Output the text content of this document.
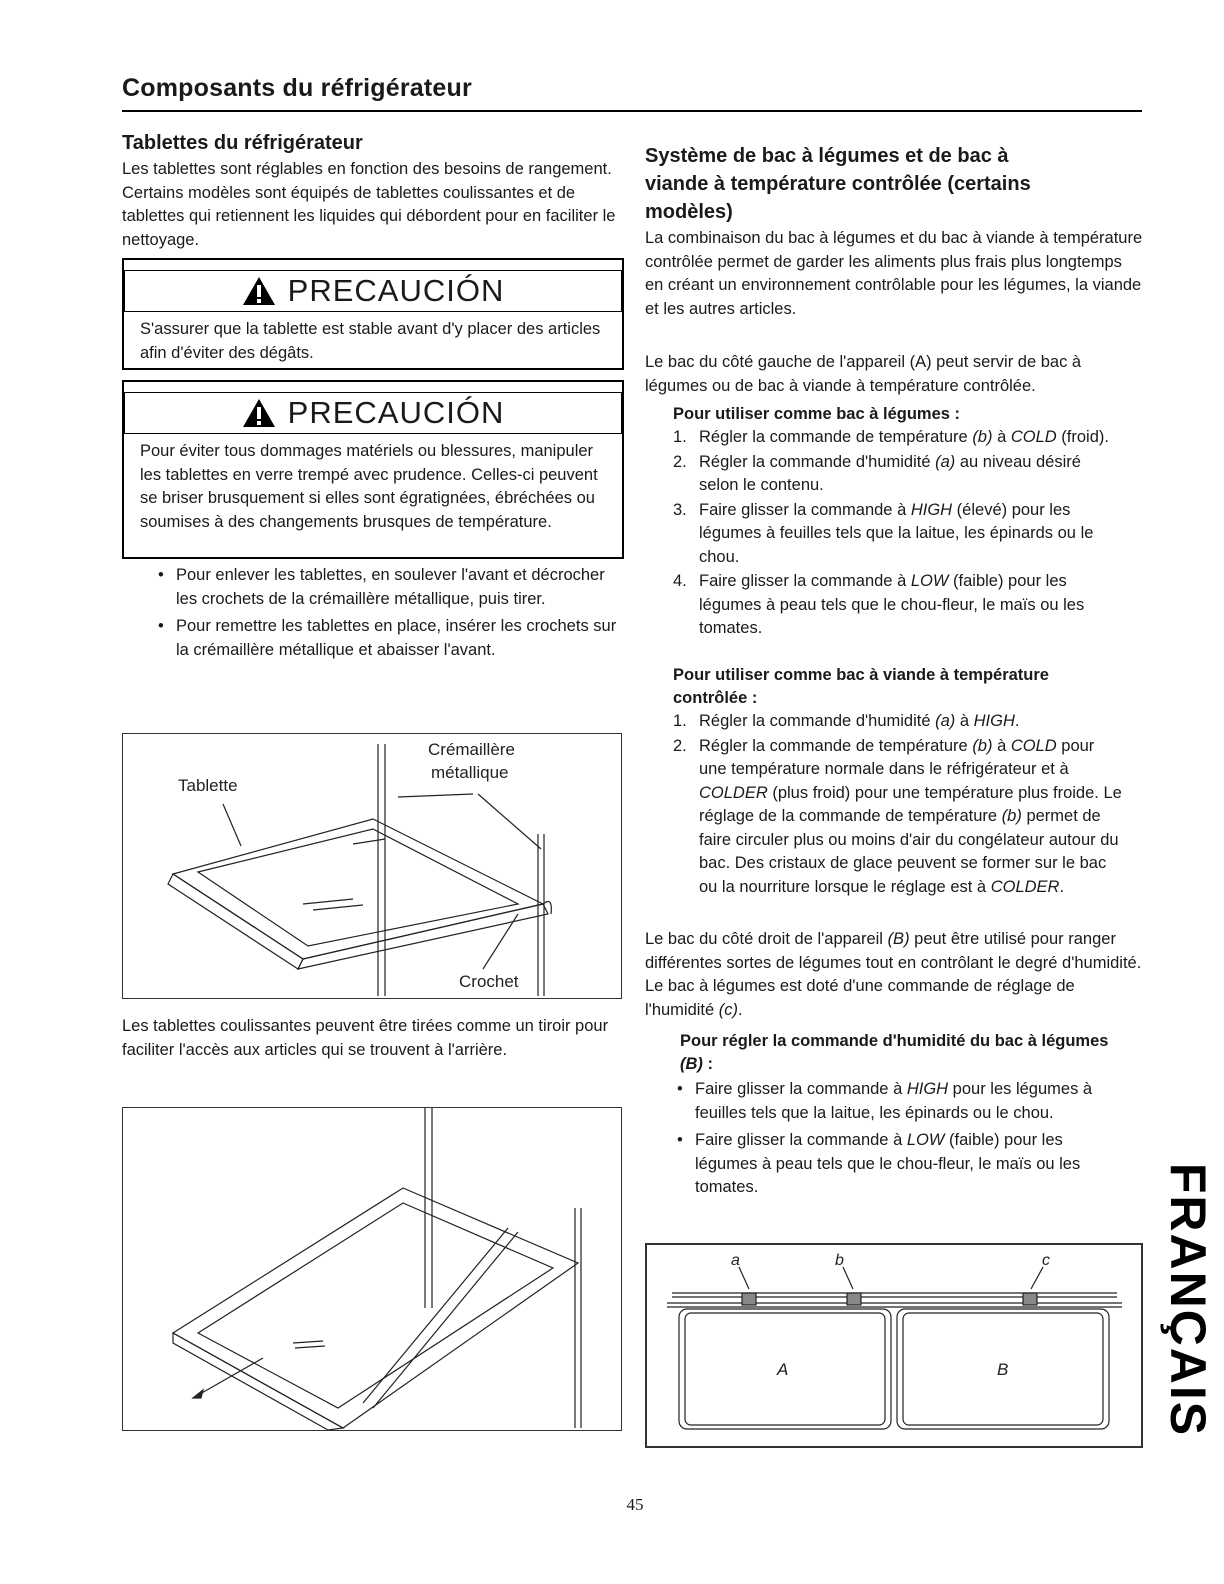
Composants du réfrigérateur
Tablettes du réfrigérateur
Les tablettes sont réglables en fonction des besoins de rangement. Certains modèles sont équipés de tablettes coulissantes et de tablettes qui retiennent les liquides qui débordent pour en faciliter le nettoyage.
PRECAUCIÓN
S'assurer que la tablette est stable avant d'y placer des articles afin d'éviter des dégâts.
PRECAUCIÓN
Pour éviter tous dommages matériels ou blessures, manipuler les tablettes en verre trempé avec prudence. Celles-ci peuvent se briser brusquement si elles sont égratignées, ébréchées ou soumises à des changements brusques de température.
• Pour enlever les tablettes, en soulever l'avant et décrocher les crochets de la crémaillère métallique, puis tirer.
• Pour remettre les tablettes en place, insérer les crochets sur la crémaillère métallique et abaisser l'avant.
Tablette
Crémaillère
métallique
Crochet
Les tablettes coulissantes peuvent être tirées comme un tiroir pour faciliter l'accès aux articles qui se trouvent à l'arrière.
Système de bac à légumes et de bac à
viande à température contrôlée (certains
modèles)
La combinaison du bac à légumes et du bac à viande à température contrôlée permet de garder les aliments plus frais plus longtemps en créant un environnement contrôlable pour les légumes, la viande et les autres articles.
Le bac du côté gauche de l'appareil (A) peut servir de bac à légumes ou de bac à viande à température contrôlée.
Pour utiliser comme bac à légumes :
1. Régler la commande de température (b) à COLD (froid).
2. Régler la commande d'humidité (a) au niveau désiré selon le contenu.
3. Faire glisser la commande à HIGH (élevé) pour les légumes à feuilles tels que la laitue, les épinards ou le chou.
4. Faire glisser la commande à LOW (faible) pour les légumes à peau tels que le chou-fleur, le maïs ou les tomates.
Pour utiliser comme bac à viande à température contrôlée :
1. Régler la commande d'humidité (a) à HIGH.
2. Régler la commande de température (b) à COLD pour une température normale dans le réfrigérateur et à COLDER (plus froid) pour une température plus froide. Le réglage de la commande de température (b) permet de faire circuler plus ou moins d'air du congélateur autour du bac. Des cristaux de glace peuvent se former sur le bac ou la nourriture lorsque le réglage est à COLDER.
Le bac du côté droit de l'appareil (B) peut être utilisé pour ranger différentes sortes de légumes tout en contrôlant le degré d'humidité. Le bac à légumes est doté d'une commande de réglage de l'humidité (c).
Pour régler la commande d'humidité du bac à légumes (B) :
• Faire glisser la commande à HIGH pour les légumes à feuilles tels que la laitue, les épinards ou le chou.
• Faire glisser la commande à LOW (faible) pour les légumes à peau tels que le chou-fleur, le maïs ou les tomates.
a	b	c
A	B	FRANÇAIS
45
